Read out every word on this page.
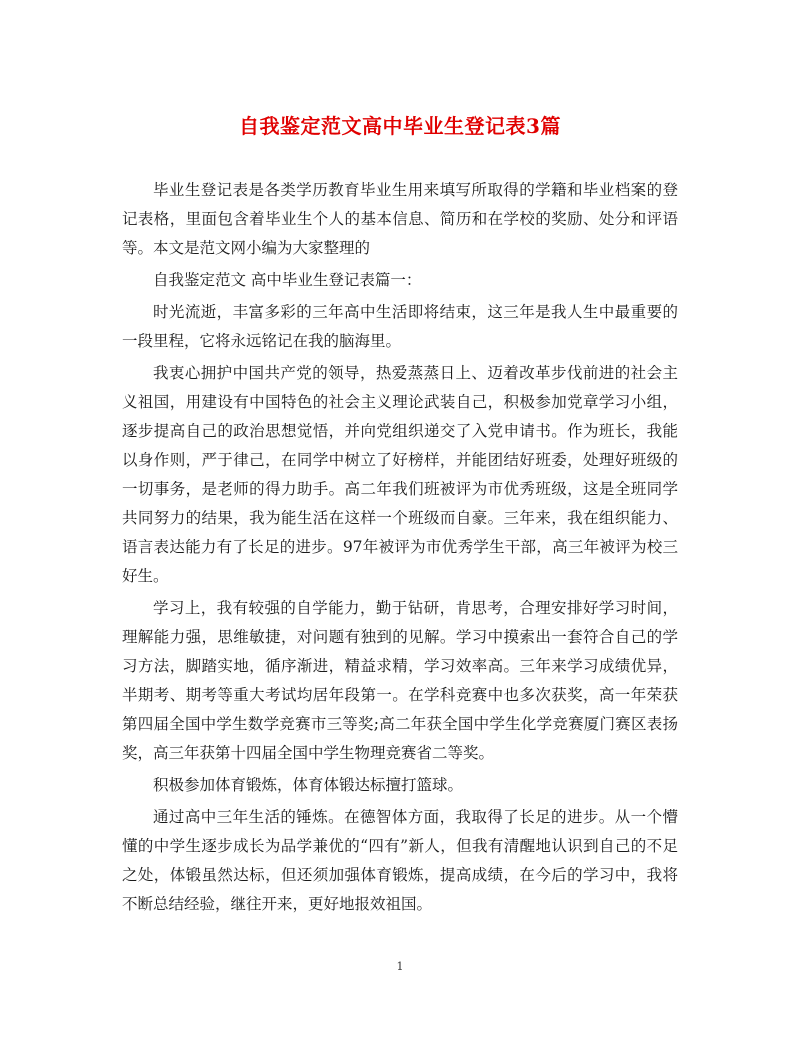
自我鉴定范文高中毕业生登记表3篇

毕业生登记表是各类学历教育毕业生用来填写所取得的学籍和毕业档案的登记表格，里面包含着毕业生个人的基本信息、简历和在学校的奖励、处分和评语等。本文是范文网小编为大家整理的

自我鉴定范文 高中毕业生登记表篇一：

时光流逝，丰富多彩的三年高中生活即将结束，这三年是我人生中最重要的一段里程，它将永远铭记在我的脑海里。

我衷心拥护中国共产党的领导，热爱蒸蒸日上、迈着改革步伐前进的社会主义祖国，用建设有中国特色的社会主义理论武装自己，积极参加党章学习小组，逐步提高自己的政治思想觉悟，并向党组织递交了入党申请书。作为班长，我能以身作则，严于律己，在同学中树立了好榜样，并能团结好班委，处理好班级的一切事务，是老师的得力助手。高二年我们班被评为市优秀班级，这是全班同学共同努力的结果，我为能生活在这样一个班级而自豪。三年来，我在组织能力、语言表达能力有了长足的进步。97年被评为市优秀学生干部，高三年被评为校三好生。

学习上，我有较强的自学能力，勤于钻研，肯思考，合理安排好学习时间，理解能力强，思维敏捷，对问题有独到的见解。学习中摸索出一套符合自己的学习方法，脚踏实地，循序渐进，精益求精，学习效率高。三年来学习成绩优异，半期考、期考等重大考试均居年段第一。在学科竞赛中也多次获奖，高一年荣获第四届全国中学生数学竞赛市三等奖;高二年获全国中学生化学竞赛厦门赛区表扬奖，高三年获第十四届全国中学生物理竞赛省二等奖。

积极参加体育锻炼，体育体锻达标擅打篮球。

通过高中三年生活的锤炼。在德智体方面，我取得了长足的进步。从一个懵懂的中学生逐步成长为品学兼优的“四有”新人，但我有清醒地认识到自己的不足之处，体锻虽然达标，但还须加强体育锻炼，提高成绩，在今后的学习中，我将不断总结经验，继往开来，更好地报效祖国。

1
